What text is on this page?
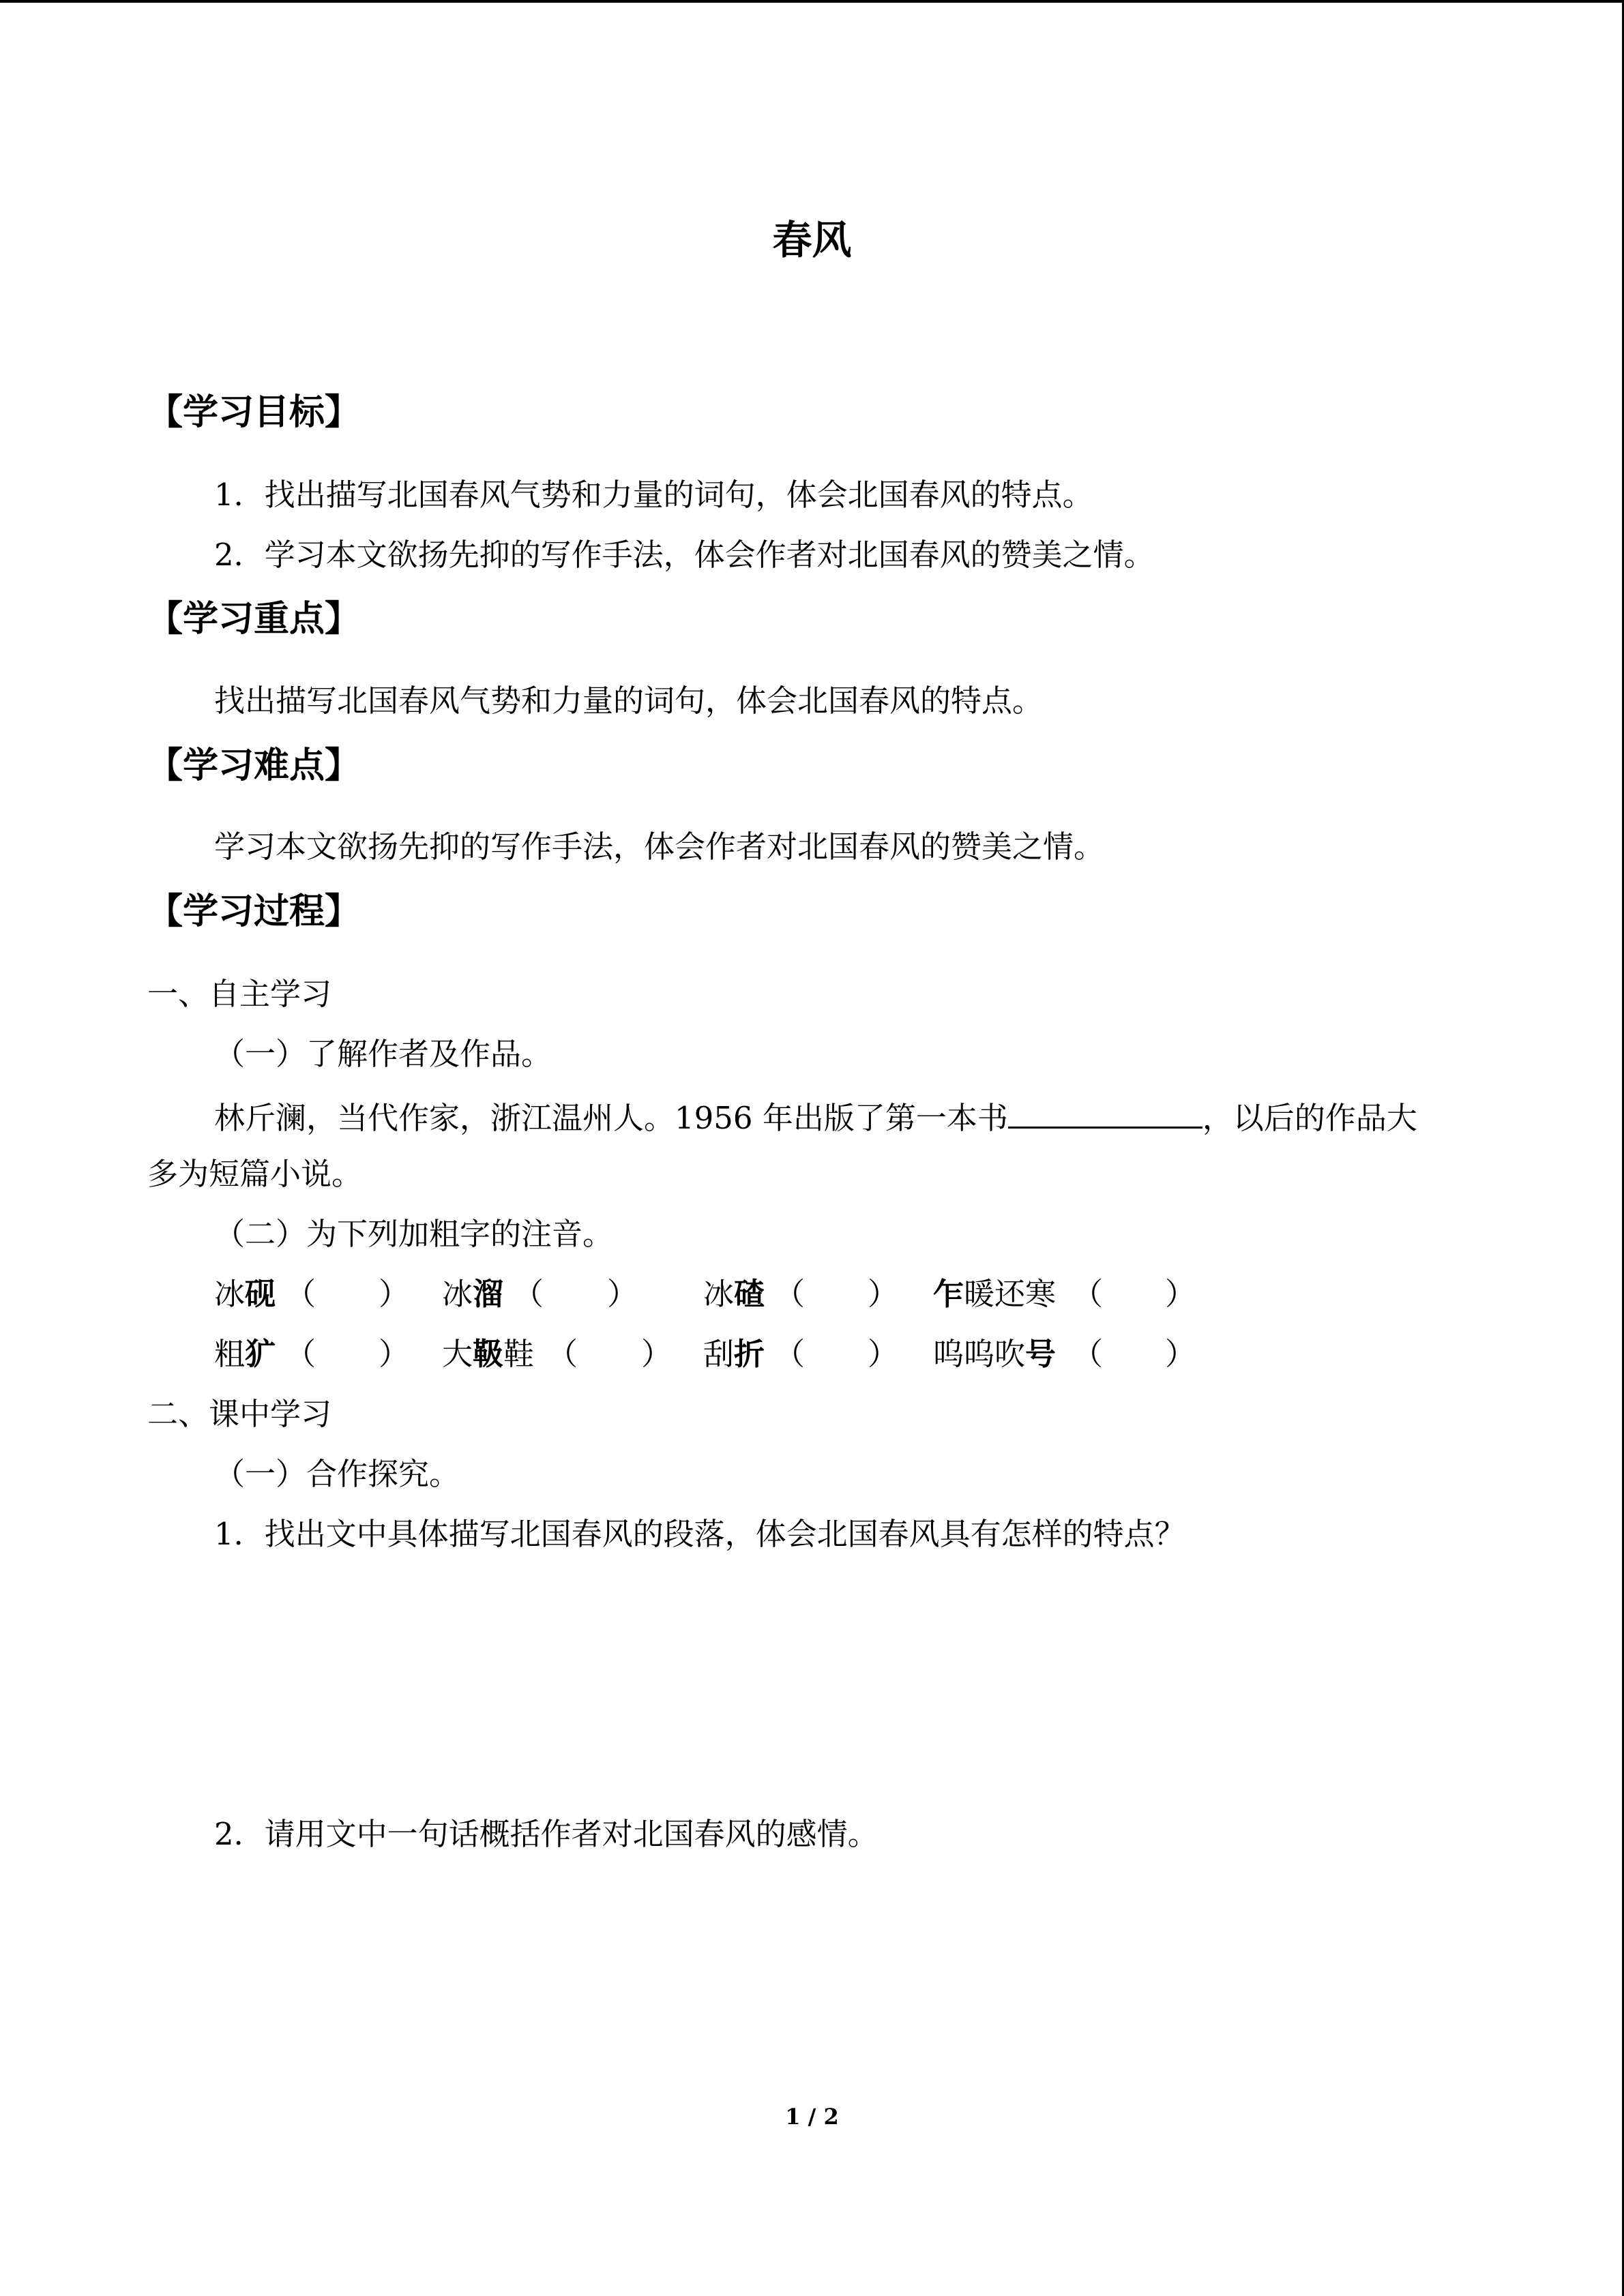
春风
【学习目标】
1．找出描写北国春风气势和力量的词句，体会北国春风的特点。
2．学习本文欲扬先抑的写作手法，体会作者对北国春风的赞美之情。
【学习重点】
找出描写北国春风气势和力量的词句，体会北国春风的特点。
【学习难点】
学习本文欲扬先抑的写作手法，体会作者对北国春风的赞美之情。
【学习过程】
一、自主学习
（一）了解作者及作品。
林斤澜，当代作家，浙江温州人。1956 年出版了第一本书	，以后的作品大
多为短篇小说。
（二）为下列加粗字的注音。
冰砚 （ ） 冰溜 （ ） 冰碴 （ ） 乍暖还寒 （ ）
粗犷 （ ） 大靸鞋 （ ） 刮折 （ ） 呜呜吹号 （ ）
二、课中学习
（一）合作探究。
1．找出文中具体描写北国春风的段落，体会北国春风具有怎样的特点？
2．请用文中一句话概括作者对北国春风的感情。
1 / 2
